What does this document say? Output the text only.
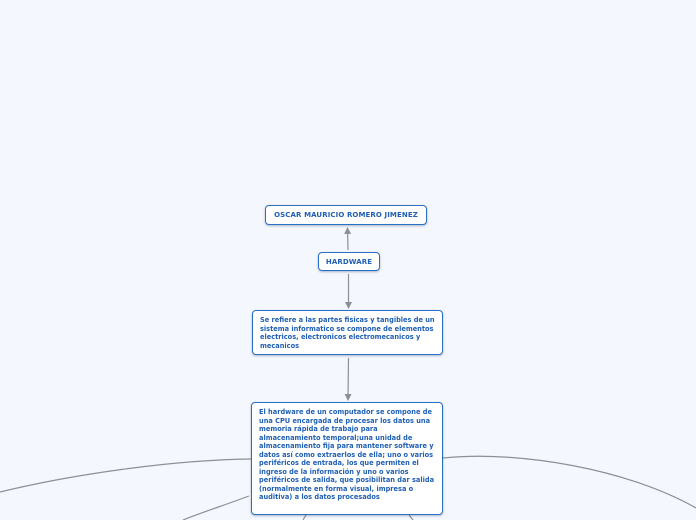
OSCAR MAURICIO ROMERO JIMENEZ
HARDWARE
Se refiere a las partes fisicas y tangibles de un sistema informatico se compone de elementos electricos, electronicos electromecanicos y mecanicos
El hardware de un computador se compone de una CPU encargada de procesar los datos una memoria rápida de trabajo para almacenamiento temporal;una unidad de almacenamiento fija para mantener software y datos así como extraerlos de ella; uno o varios periféricos de entrada, los que permiten el ingreso de la información y uno o varios periféricos de salida, que posibilitan dar salida (normalmente en forma visual, impresa o auditiva) a los datos procesados
